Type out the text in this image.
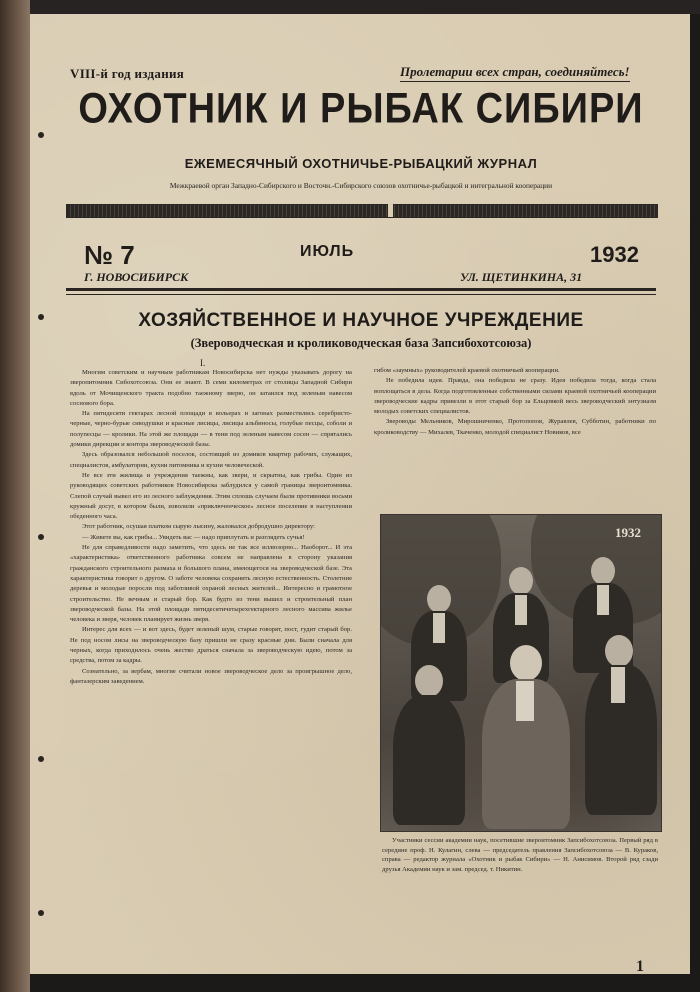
VIII-й год издания	Пролетарии всех стран, соединяйтесь!
ОХОТНИК И РЫБАК СИБИРИ
ЕЖЕМЕСЯЧНЫЙ ОХОТНИЧЬЕ-РЫБАЦКИЙ ЖУРНАЛ
Межкраевой орган Западно-Сибирского и Восточн.-Сибирского союзов охотничье-рыбацкой и интегральной кооперации
№ 7	ИЮЛЬ	1932
Г. НОВОСИБИРСК	УЛ. ЩЕТИНКИНА, 31
ХОЗЯЙСТВЕННОЕ И НАУЧНОЕ УЧРЕЖДЕНИЕ
(Звероводческая и кролиководческая база Запсибохотсоюза)
I.

Многим советским и научным работникам Новосибирска нет нужды указывать дорогу на зверопитомник Сибохотсоюза. Они ее знают. В семи километрах от столицы Западной Сибири вдоль от Мочищенского тракта подобно таежному зверю, он затаился под зеленым навесом соснового бора.

На пятидесяти гектарах лесной площади в вольерах и загонах разместились серебристо-черные, черно-бурые сиводушки и красные лисицы, лисицы альбиносы, голубые песцы, соболи и полупесцы — кролики. На этой же площади — в тени под зеленым навесом сосен — спрятались домики дирекции и контора звероводческой базы.

Здесь образовался небольшой поселок, состоящий из домиков квартир рабочих, служащих, специалистов, амбулатории, кухни питомника и кухни человеческой.

Не все эти жилища и учреждения таежны, как звери, и скрытны, как грибы. Один из руководящих советских работников Новосибирска заблудился у самой границы звероитомника. Слепой случай вывел его из лесного заблуждения. Этим сплошь случаем были противники восьми кружный досуг, в котором были, изволили «приключенческое» лесное поселение в наступлении обеденного часа.

Этот работник, осушая платком сырую лысину, жаловался добродушно директору:

— Живете вы, как грибы... Увидеть вас — надо приплутать и разглядеть сучья!

Не для справедливости надо заметить, что здесь не так все иллюзорно... Наоборот... И эта «характеристика» ответственного работника совсем не направлена в сторону указания гражданского строительного размаха и большого плана, имеющегося на звероводческой базе. Эта характеристика говорит о другом. О заботе человека сохранить лесную естественность. Столетние деревья и молодые поросли под заботливой охраной лесных жителей... Интересно и грамотное строительство. Не вечным и старый бор. Как будто из тени вышел и строительный план звероводческой базы. На этой площади пятидесятичетырехгектарного лесного массива жилье человека и зверя, человек планирует жизнь зверя.

Интерес для всех — и вот здесь, будет зеленый шум, старые говорят, пост, гудит старый бор. Не под носом лисы на звероводческую базу пришли не сразу красные дни. Были сначала для черных, когда приходилось очень жестко драться сначала за звероводческую идею, потом за средства, потом за кадры.

Сознательно, за вербам, многие считали новое звероводческое дело за проигрышное дело, фантазерским заведением.

гибом «заумных» руководителей краевой охотничьей кооперации.

Не победила идея. Правда, она победила не сразу. Идея победила тогда, когда стала воплощаться в дела. Когда подготовленные собственными силами краевой охотничьей кооперации звероводческие кадры привезли в этот старый бор за Ельцовкой весь звероводческий энтузиазм молодых советских специалистов.

Звероводы Мельников, Мирошниченко, Протопопов, Журавлев, Субботин, работники по кролиководству — Михалев, Ткаченко, молодой специалист Новиков, все

1932

Участники сессии академии наук, посетившие звероитомник Запсибохотсоюза. Первый ряд в середине проф. Н. Кулагин, слева — председатель правления Запсибохотсоюза — В. Кураков, справа — редактор журнала «Охотник и рыбак Сибири» — Н. Анисимов. Второй ряд сзади друзья Академии наук и зам. председ. т. Никитин.

1
